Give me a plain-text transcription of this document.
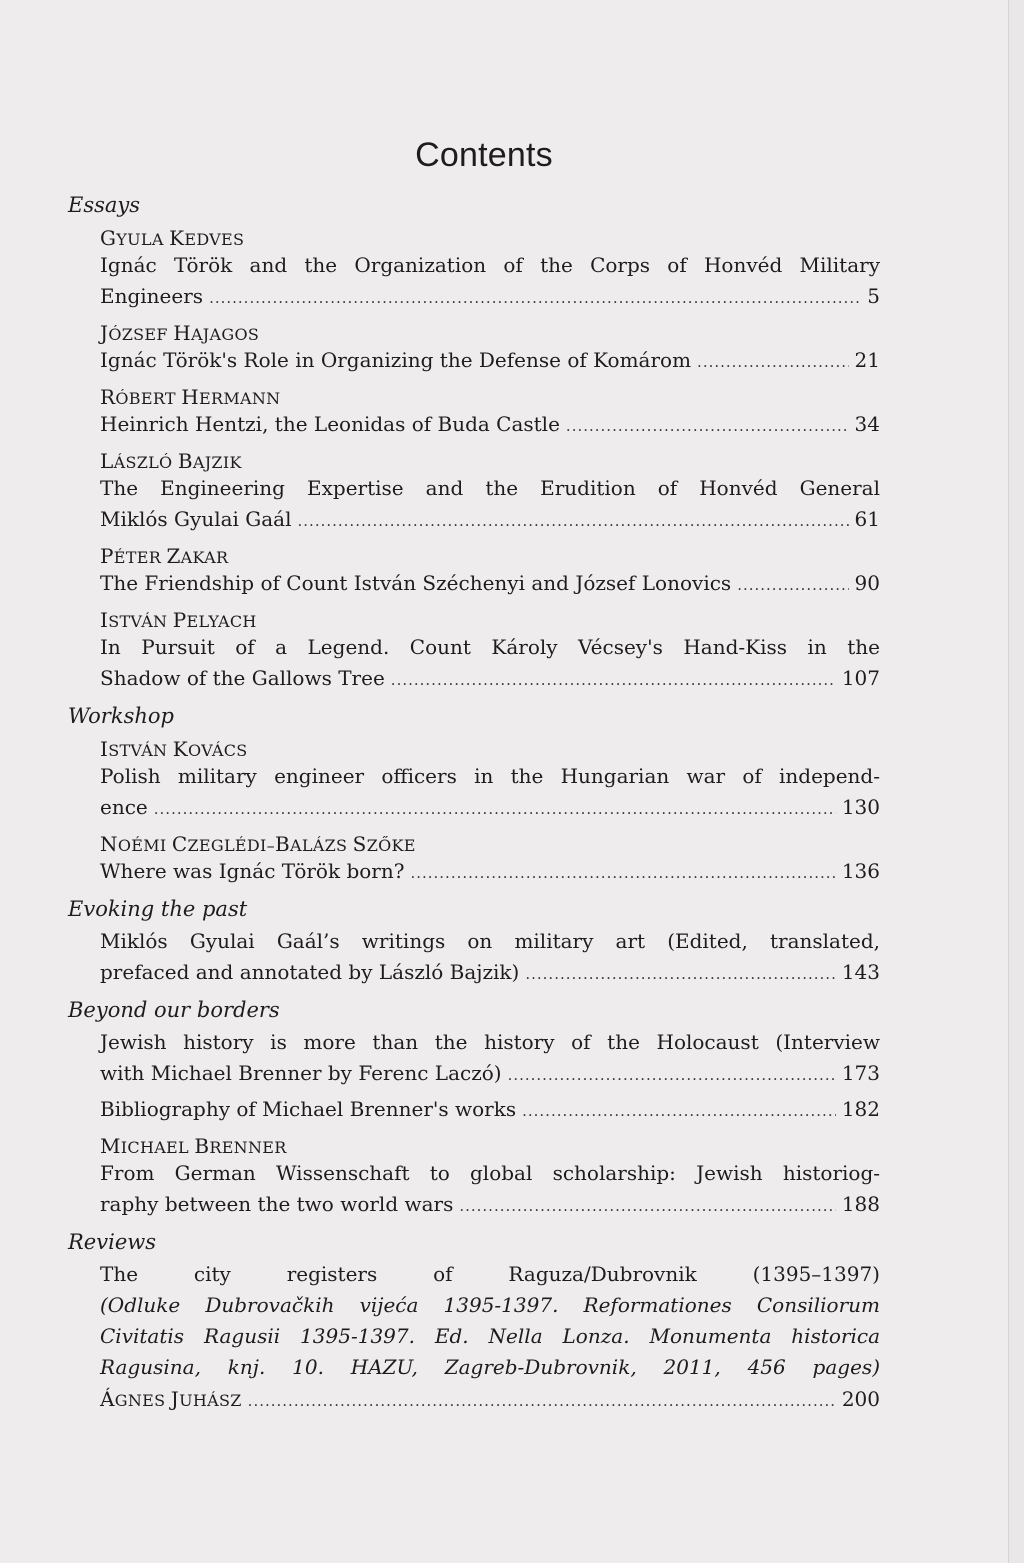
Contents
Essays
GYULA KEDVES
Ignác Török and the Organization of the Corps of Honvéd Military
Engineers .....	5
JÓZSEF HAJAGOS
Ignác Török's Role in Organizing the Defense of Komárom .....	21
RÓBERT HERMANN
Heinrich Hentzi, the Leonidas of Buda Castle .....	34
LÁSZLÓ BAJZIK
The Engineering Expertise and the Erudition of Honvéd General
Miklós Gyulai Gaál .....	61
PÉTER ZAKAR
The Friendship of Count István Széchenyi and József Lonovics .....	90
ISTVÁN PELYACH
In Pursuit of a Legend. Count Károly Vécsey's Hand-Kiss in the
Shadow of the Gallows Tree .....	107
Workshop
ISTVÁN KOVÁCS
Polish military engineer officers in the Hungarian war of independ-
ence .....	130
NOÉMI CZEGLÉDI–BALÁZS SZŐKE
Where was Ignác Török born? .....	136
Evoking the past
Miklós Gyulai Gaál’s writings on military art (Edited, translated,
prefaced and annotated by László Bajzik) .....	143
Beyond our borders
Jewish history is more than the history of the Holocaust (Interview
with Michael Brenner by Ferenc Laczó) .....	173
Bibliography of Michael Brenner's works .....	182
MICHAEL BRENNER
From German Wissenschaft to global scholarship: Jewish historiog-
raphy between the two world wars .....	188
Reviews
The city registers of Raguza/Dubrovnik (1395–1397)
(Odluke Dubrovačkih vijeća 1395-1397. Reformationes Consiliorum
Civitatis Ragusii 1395-1397. Ed. Nella Lonza. Monumenta historica
Ragusina, knj. 10. HAZU, Zagreb-Dubrovnik, 2011, 456 pages)
ÁGNES JUHÁSZ .....	200
